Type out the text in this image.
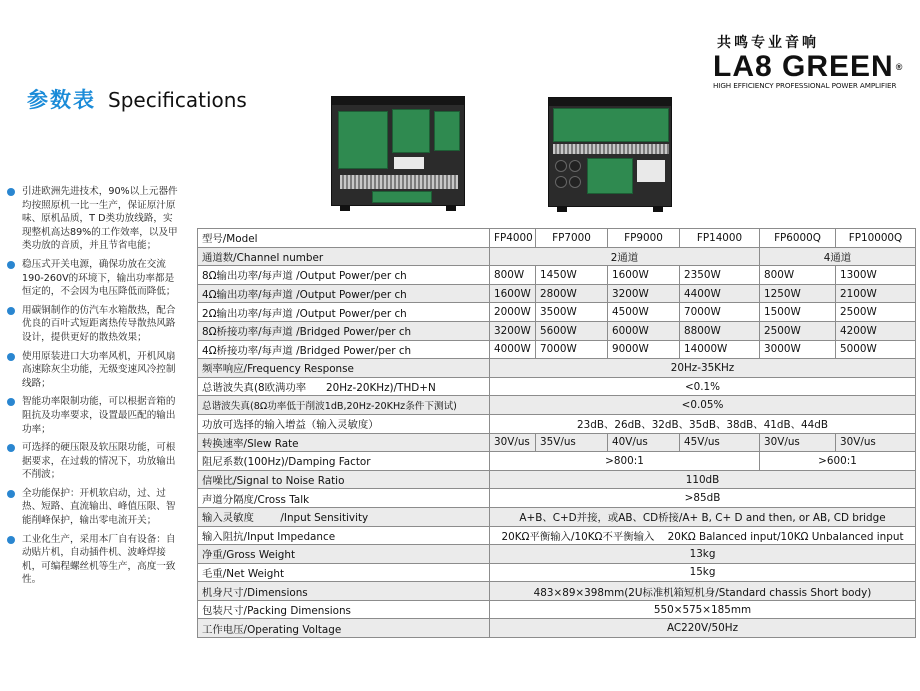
共鸣专业音响
LA8 GREEN ®
HIGH EFFICIENCY PROFESSIONAL POWER AMPLIFIER
参数表 Specifications
引进欧洲先进技术，90%以上元器件均按照原机一比一生产，保证原汁原味、原机品质，T D类功放线路，实现整机高达89%的工作效率，以及甲类功放的音质，并且节省电能；
稳压式开关电源，确保功放在交流190-260V的环境下，输出功率都是恒定的，不会因为电压降低而降低；
用碳铜制作的仿汽车水箱散热，配合优良的百叶式短距离热传导散热风路设计，提供更好的散热效果；
使用原装进口大功率风机，开机风扇高速除灰尘功能，无级变速风冷控制线路；
智能功率限制功能，可以根据音箱的阻抗及功率要求，设置最匹配的输出功率；
可选择的硬压限及软压限功能，可根据要求，在过载的情况下，功放输出不削波；
全功能保护：开机软启动，过、过热、短路、直流输出、峰值压限、智能削峰保护，输出零电流开关；
工业化生产，采用本厂自有设备：自动贴片机，自动插件机、波峰焊接机，可编程螺丝机等生产，高度一致性。
型号/Model	FP4000	FP7000	FP9000	FP14000	FP6000Q	FP10000Q
通道数/Channel number	2通道				4通道	
8Ω输出功率/每声道 /Output Power/per ch	800W	1450W	1600W	2350W	800W	1300W
4Ω输出功率/每声道 /Output Power/per ch	1600W	2800W	3200W	4400W	1250W	2100W
2Ω输出功率/每声道 /Output Power/per ch	2000W	3500W	4500W	7000W	1500W	2500W
8Ω桥接功率/每声道 /Bridged Power/per ch	3200W	5600W	6000W	8800W	2500W	4200W
4Ω桥接功率/每声道 /Bridged Power/per ch	4000W	7000W	9000W	14000W	3000W	5000W
频率响应/Frequency Response	20Hz-35KHz					
总谐波失真(8欧满功率      20Hz-20KHz)/THD+N	<0.1%					
总谐波失真(8Ω功率低于削波1dB,20Hz-20KHz条件下测试)	<0.05%					
功放可选择的输入增益（输入灵敏度）	23dB、26dB、32dB、35dB、38dB、41dB、44dB					
转换速率/Slew Rate	30V/us	35V/us	40V/us	45V/us	30V/us	30V/us
阻尼系数(100Hz)/Damping Factor	>800:1				>600:1	
信噪比/Signal to Noise Ratio	110dB					
声道分隔度/Cross Talk	>85dB					
输入灵敏度        /Input Sensitivity	A+B、C+D并接，或AB、CD桥接/A+ B, C+ D and then, or AB, CD bridge					
输入阻抗/Input Impedance	20KΩ平衡输入/10KΩ不平衡输入    20KΩ Balanced input/10KΩ Unbalanced input					
净重/Gross Weight	13kg					
毛重/Net Weight	15kg					
机身尺寸/Dimensions	483×89×398mm(2U标准机箱短机身/Standard chassis Short body)					
包装尺寸/Packing Dimensions	550×575×185mm					
工作电压/Operating Voltage	AC220V/50Hz					
